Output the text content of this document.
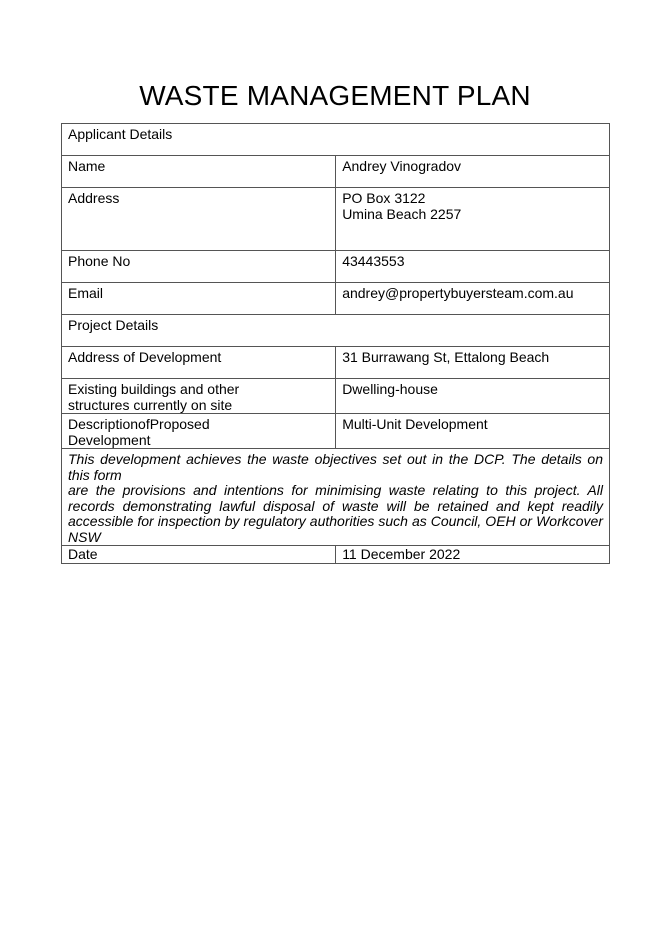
WASTE MANAGEMENT PLAN
Applicant Details	
Name	Andrey Vinogradov
Address	PO Box 3122
Umina Beach 2257

Phone No	43443553
Email	andrey@propertybuyersteam.com.au
Project Details	
Address of Development	31 Burrawang St, Ettalong Beach

Existing buildings and other
structures currently on site	Dwelling-house

DescriptionofProposed
Development	Multi-Unit Development

This development achieves the waste objectives set out in the DCP. The details on this form
are the provisions and intentions for minimising waste relating to this project. All records demonstrating lawful disposal of waste will be retained and kept readily accessible for inspection by regulatory authorities such as Council, OEH or Workcover NSW	

Date	11 December 2022
